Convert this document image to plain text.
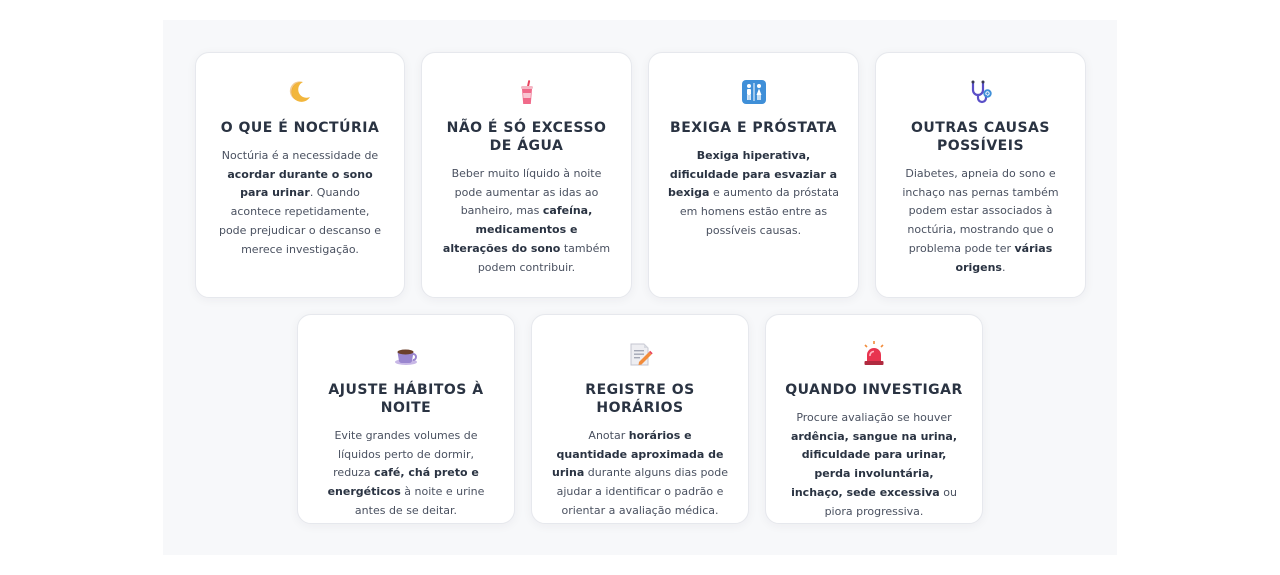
O QUE É NOCTÚRIA
Noctúria é a necessidade de acordar durante o sono para urinar. Quando acontece repetidamente, pode prejudicar o descanso e merece investigação.
NÃO É SÓ EXCESSO DE ÁGUA
Beber muito líquido à noite pode aumentar as idas ao banheiro, mas cafeína, medicamentos e alterações do sono também podem contribuir.
BEXIGA E PRÓSTATA
Bexiga hiperativa, dificuldade para esvaziar a bexiga e aumento da próstata em homens estão entre as possíveis causas.
OUTRAS CAUSAS POSSÍVEIS
Diabetes, apneia do sono e inchaço nas pernas também podem estar associados à noctúria, mostrando que o problema pode ter várias origens.
AJUSTE HÁBITOS À NOITE
Evite grandes volumes de líquidos perto de dormir, reduza café, chá preto e energéticos à noite e urine antes de se deitar.
REGISTRE OS HORÁRIOS
Anotar horários e quantidade aproximada de urina durante alguns dias pode ajudar a identificar o padrão e orientar a avaliação médica.
QUANDO INVESTIGAR
Procure avaliação se houver ardência, sangue na urina, dificuldade para urinar, perda involuntária, inchaço, sede excessiva ou piora progressiva.
